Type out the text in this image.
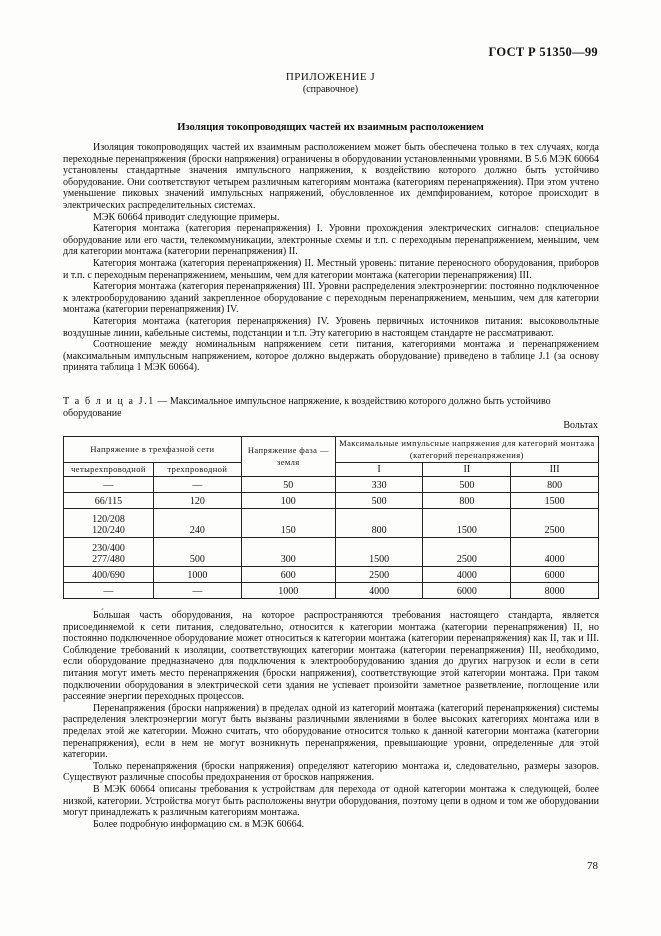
ГОСТ Р 51350—99
ПРИЛОЖЕНИЕ J
(справочное)
Изоляция токопроводящих частей их взаимным расположением

Изоляция токопроводящих частей их взаимным расположением может быть обеспечена только в тех случаях, когда переходные перенапряжения (броски напряжения) ограничены в оборудовании установленными уровнями. В 5.6 МЭК 60664 установлены стандартные значения импульсного напряжения, к воздействию которого должно быть устойчиво оборудование. Они соответствуют четырем различным категориям монтажа (категориям перенапряжения). При этом учтено уменьшение пиковых значений импульсных напряжений, обусловленное их демпфированием, которое происходит в электрических распределительных системах.

МЭК 60664 приводит следующие примеры.

Категория монтажа (категория перенапряжения) I. Уровни прохождения электрических сигналов: специальное оборудование или его части, телекоммуникации, электронные схемы и т.п. с переходным перенапряжением, меньшим, чем для категории монтажа (категории перенапряжения) II.

Категория монтажа (категория перенапряжения) II. Местный уровень: питание переносного оборудования, приборов и т.п. с переходным перенапряжением, меньшим, чем для категории монтажа (категории перенапряжения) III.

Категория монтажа (категория перенапряжения) III. Уровни распределения электроэнергии: постоянно подключенное к электрооборудованию зданий закрепленное оборудование с переходным перенапряжением, меньшим, чем для категории монтажа (категории перенапряжения) IV.

Категория монтажа (категория перенапряжения) IV. Уровень первичных источников питания: высоковольтные воздушные линии, кабельные системы, подстанции и т.п. Эту категорию в настоящем стандарте не рассматривают.

Соотношение между номинальным напряжением сети питания, категориями монтажа и перенапряжением (максимальным импульсным напряжением, которое должно выдержать оборудование) приведено в таблице J.1 (за основу принята таблица 1 МЭК 60664).

Т а б л и ц а J.1 — Максимальное импульсное напряжение, к воздействию которого должно быть устойчиво оборудование
Вольтах
Напряжение в трехфазной сети		Напряжение фаза — земля	Максимальные импульсные напряжения для категорий монтажа (категорий перенапряжения)		
четырехпроводной	трехпроводной		I	II	III
—	—	50	330	500	800
66/115	120	100	500	800	1500
120/208
120/240	240	150	800	1500	2500
230/400
277/480	500	300	1500	2500	4000
400/690	1000	600	2500	4000	6000
—	—	1000	4000	6000	8000

Бо́льшая часть оборудования, на которое распространяются требования настоящего стандарта, является присоединяемой к сети питания, следовательно, относится к категории монтажа (категории перенапряжения) II, но постоянно подключенное оборудование может относиться к категории монтажа (категории перенапряжения) как II, так и III. Соблюдение требований к изоляции, соответствующих категории монтажа (категории перенапряжения) III, необходимо, если оборудование предназначено для подключения к электрооборудованию здания до других нагрузок и если в сети питания могут иметь место перенапряжения (броски напряжения), соответствующие этой категории монтажа. При таком подключении оборудования в электрической сети здания не успевает произойти заметное разветвление, поглощение или рассеяние энергии переходных процессов.

Перенапряжения (броски напряжения) в пределах одной из категорий монтажа (категорий перенапряжения) системы распределения электроэнергии могут быть вызваны различными явлениями в более высоких категориях монтажа или в пределах этой же категории. Можно считать, что оборудование относится только к данной категории монтажа (категории перенапряжения), если в нем не могут возникнуть перенапряжения, превышающие уровни, определенные для этой категории.

Только перенапряжения (броски напряжения) определяют категорию монтажа и, следовательно, размеры зазоров. Существуют различные способы предохранения от бросков напряжения.

В МЭК 60664 описаны требования к устройствам для перехода от одной категории монтажа к следующей, более низкой, категории. Устройства могут быть расположены внутри оборудования, поэтому цепи в одном и том же оборудовании могут принадлежать к различным категориям монтажа.

Более подробную информацию см. в МЭК 60664.

78
